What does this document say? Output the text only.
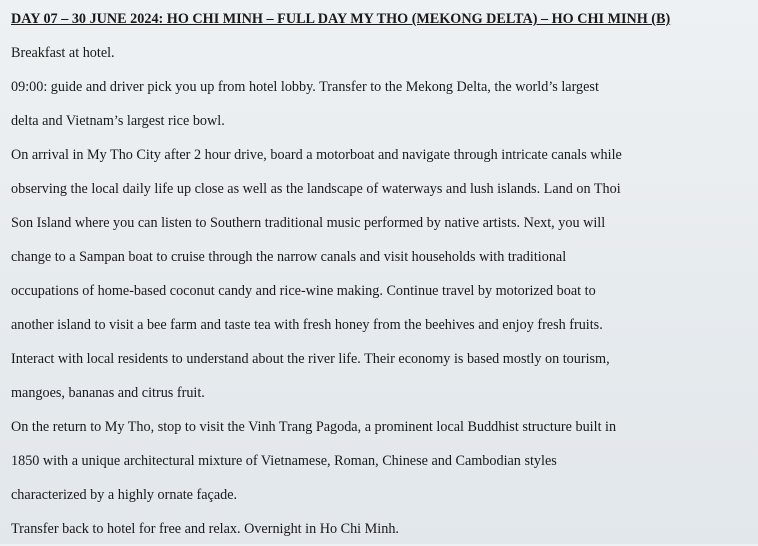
DAY 07 – 30 JUNE 2024: HO CHI MINH – FULL DAY MY THO (MEKONG DELTA) – HO CHI MINH (B)

Breakfast at hotel.

09:00: guide and driver pick you up from hotel lobby. Transfer to the Mekong Delta, the world’s largest

delta and Vietnam’s largest rice bowl.

On arrival in My Tho City after 2 hour drive, board a motorboat and navigate through intricate canals while

observing the local daily life up close as well as the landscape of waterways and lush islands. Land on Thoi

Son Island where you can listen to Southern traditional music performed by native artists. Next, you will

change to a Sampan boat to cruise through the narrow canals and visit households with traditional

occupations of home-based coconut candy and rice-wine making. Continue travel by motorized boat to

another island to visit a bee farm and taste tea with fresh honey from the beehives and enjoy fresh fruits.

Interact with local residents to understand about the river life. Their economy is based mostly on tourism,

mangoes, bananas and citrus fruit.

On the return to My Tho, stop to visit the Vinh Trang Pagoda, a prominent local Buddhist structure built in

1850 with a unique architectural mixture of Vietnamese, Roman, Chinese and Cambodian styles

characterized by a highly ornate façade.

Transfer back to hotel for free and relax. Overnight in Ho Chi Minh.
